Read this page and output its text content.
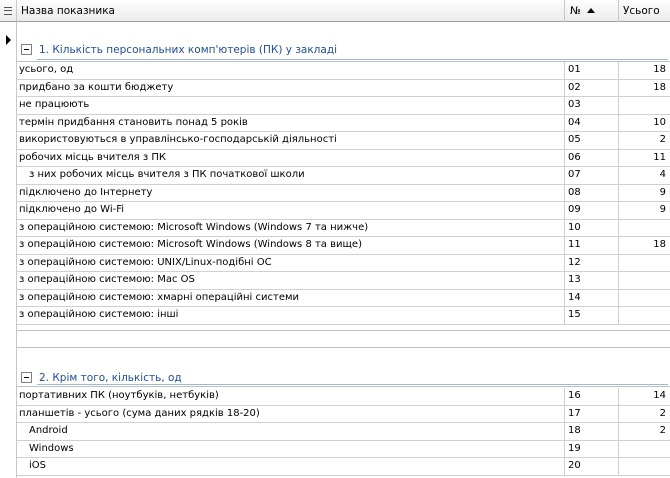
Назва показника	№	Усього
1. Кількість персональних комп'ютерів (ПК) у закладі
усього, од	01	18
придбано за кошти бюджету	02	18
не працюють	03
термін придбання становить понад 5 років	04	10
використовуються в управлінсько-господарській діяльності	05	2
робочих місць вчителя з ПК	06	11
з них робочих місць вчителя з ПК початкової школи	07	4
підключено до Інтернету	08	9
підключено до Wi-Fi	09	9
з операційною системою: Microsoft Windows (Windows 7 та нижче)	10
з операційною системою: Microsoft Windows (Windows 8 та вище)	11	18
з операційною системою: UNIX/Linux-подібні ОС	12
з операційною системою: Mac OS	13
з операційною системою: хмарні операційні системи	14
з операційною системою: інші	15
2. Крім того, кількість, од
портативних ПК (ноутбуків, нетбуків)	16	14
планшетів - усього (сума даних рядків 18-20)	17	2
Android	18	2
Windows	19
iOS	20
